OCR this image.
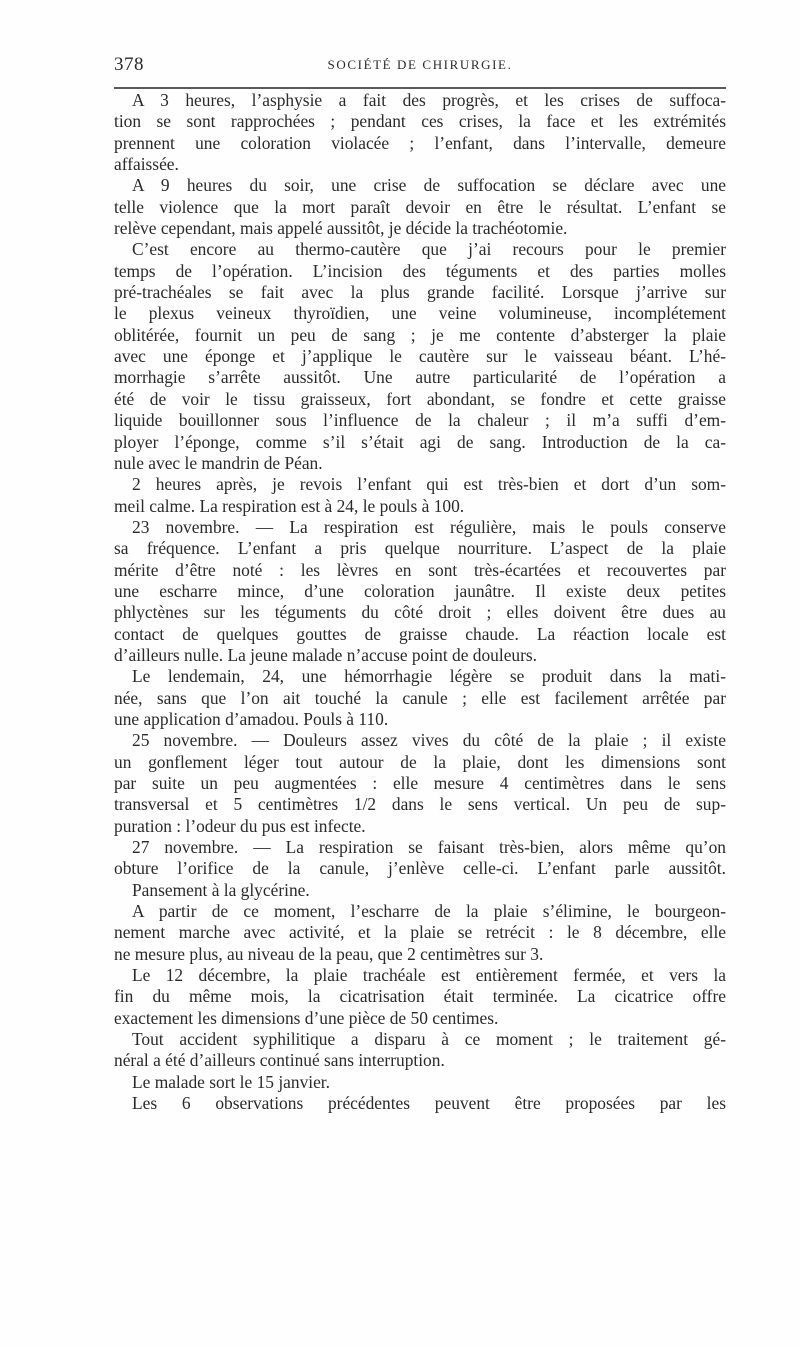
378	SOCIÉTÉ DE CHIRURGIE.
A 3 heures, l’asphysie a fait des progrès, et les crises de suffoca-
tion se sont rapprochées ; pendant ces crises, la face et les extrémités
prennent une coloration violacée ; l’enfant, dans l’intervalle, demeure
affaissée.
A 9 heures du soir, une crise de suffocation se déclare avec une
telle violence que la mort paraît devoir en être le résultat. L’enfant se
relève cependant, mais appelé aussitôt, je décide la trachéotomie.
C’est encore au thermo-cautère que j’ai recours pour le premier
temps de l’opération. L’incision des téguments et des parties molles
pré-trachéales se fait avec la plus grande facilité. Lorsque j’arrive sur
le plexus veineux thyroïdien, une veine volumineuse, incomplétement
oblitérée, fournit un peu de sang ; je me contente d’absterger la plaie
avec une éponge et j’applique le cautère sur le vaisseau béant. L’hé-
morrhagie s’arrête aussitôt. Une autre particularité de l’opération a
été de voir le tissu graisseux, fort abondant, se fondre et cette graisse
liquide bouillonner sous l’influence de la chaleur ; il m’a suffi d’em-
ployer l’éponge, comme s’il s’était agi de sang. Introduction de la ca-
nule avec le mandrin de Péan.
2 heures après, je revois l’enfant qui est très-bien et dort d’un som-
meil calme. La respiration est à 24, le pouls à 100.
23 novembre. — La respiration est régulière, mais le pouls conserve
sa fréquence. L’enfant a pris quelque nourriture. L’aspect de la plaie
mérite d’être noté : les lèvres en sont très-écartées et recouvertes par
une escharre mince, d’une coloration jaunâtre. Il existe deux petites
phlyctènes sur les téguments du côté droit ; elles doivent être dues au
contact de quelques gouttes de graisse chaude. La réaction locale est
d’ailleurs nulle. La jeune malade n’accuse point de douleurs.
Le lendemain, 24, une hémorrhagie légère se produit dans la mati-
née, sans que l’on ait touché la canule ; elle est facilement arrêtée par
une application d’amadou. Pouls à 110.
25 novembre. — Douleurs assez vives du côté de la plaie ; il existe
un gonflement léger tout autour de la plaie, dont les dimensions sont
par suite un peu augmentées : elle mesure 4 centimètres dans le sens
transversal et 5 centimètres 1/2 dans le sens vertical. Un peu de sup-
puration : l’odeur du pus est infecte.
27 novembre. — La respiration se faisant très-bien, alors même qu’on
obture l’orifice de la canule, j’enlève celle-ci. L’enfant parle aussitôt.
Pansement à la glycérine.
A partir de ce moment, l’escharre de la plaie s’élimine, le bourgeon-
nement marche avec activité, et la plaie se retrécit : le 8 décembre, elle
ne mesure plus, au niveau de la peau, que 2 centimètres sur 3.
Le 12 décembre, la plaie trachéale est entièrement fermée, et vers la
fin du même mois, la cicatrisation était terminée. La cicatrice offre
exactement les dimensions d’une pièce de 50 centimes.
Tout accident syphilitique a disparu à ce moment ; le traitement gé-
néral a été d’ailleurs continué sans interruption.
Le malade sort le 15 janvier.
Les 6 observations précédentes peuvent être proposées par les
